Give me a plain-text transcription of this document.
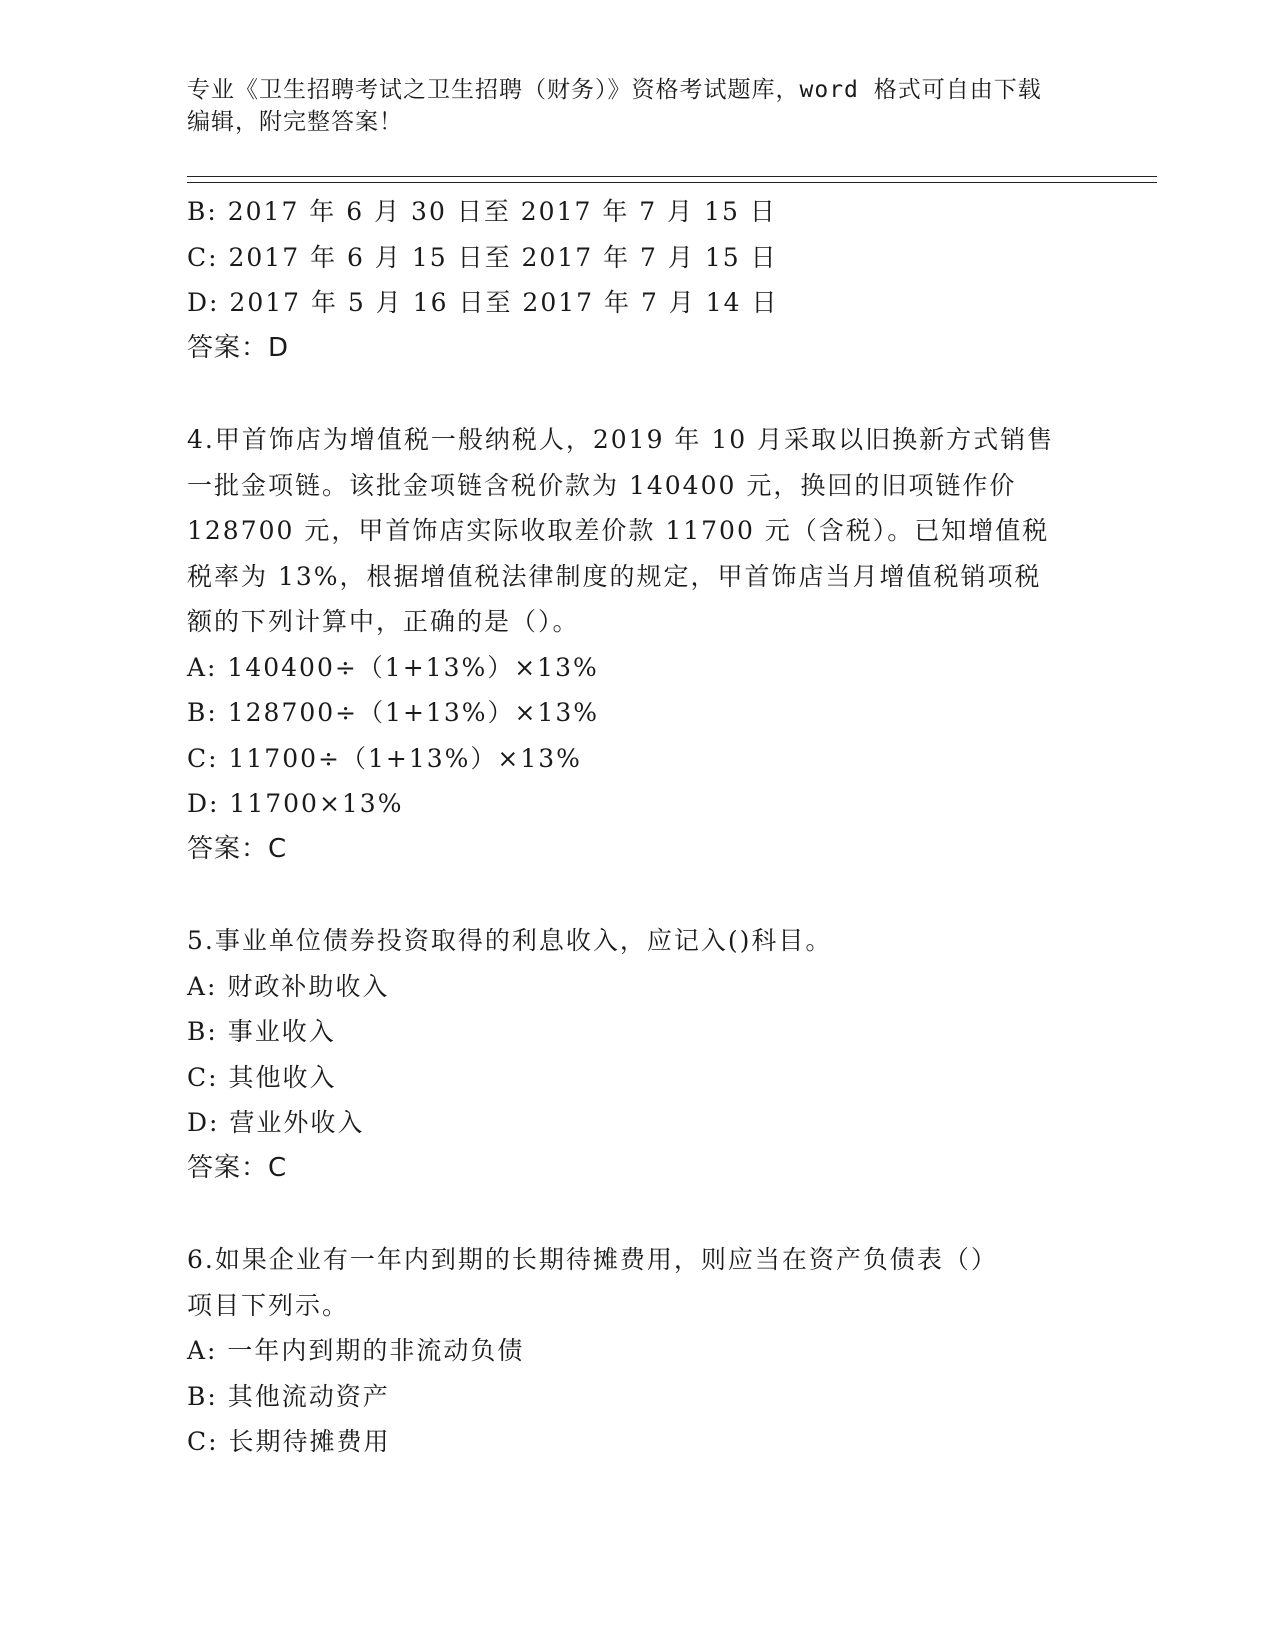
专业《卫生招聘考试之卫生招聘（财务）》资格考试题库，word 格式可自由下载
编辑，附完整答案！
B: 2017 年 6 月 30 日至 2017 年 7 月 15 日
C: 2017 年 6 月 15 日至 2017 年 7 月 15 日
D: 2017 年 5 月 16 日至 2017 年 7 月 14 日
答案：D
4.甲首饰店为增值税一般纳税人，2019 年 10 月采取以旧换新方式销售
一批金项链。该批金项链含税价款为 140400 元，换回的旧项链作价
128700 元，甲首饰店实际收取差价款 11700 元（含税）。已知增值税
税率为 13%，根据增值税法律制度的规定，甲首饰店当月增值税销项税
额的下列计算中，正确的是（）。
A: 140400÷（1+13%）×13%
B: 128700÷（1+13%）×13%
C: 11700÷（1+13%）×13%
D: 11700×13%
答案：C
5.事业单位债券投资取得的利息收入，应记入()科目。
A: 财政补助收入
B: 事业收入
C: 其他收入
D: 营业外收入
答案：C
6.如果企业有一年内到期的长期待摊费用，则应当在资产负债表（）
项目下列示。
A: 一年内到期的非流动负债
B: 其他流动资产
C: 长期待摊费用
